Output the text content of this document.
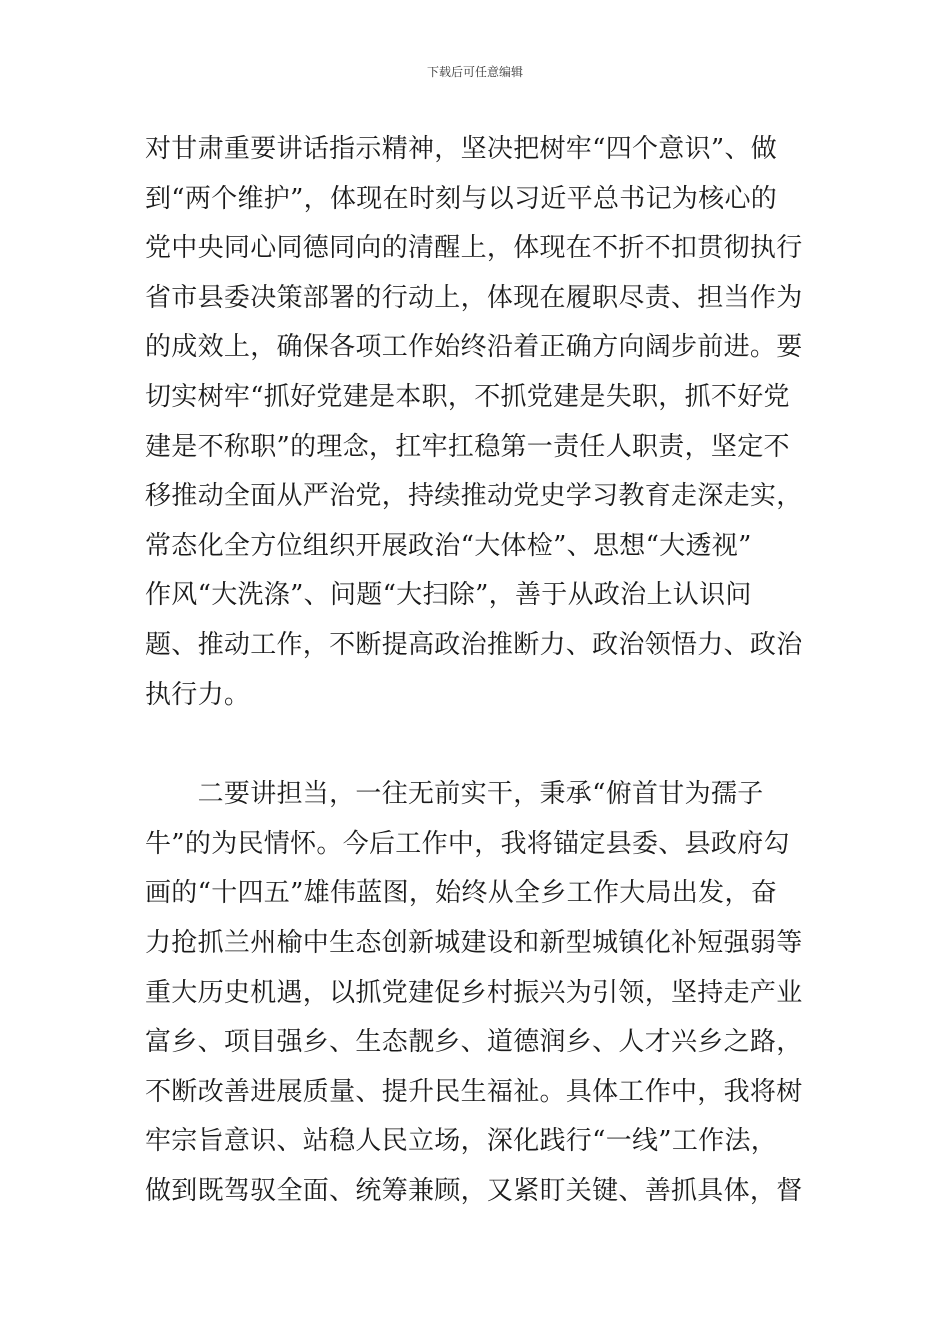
下载后可任意编辑
对甘肃重要讲话指示精神，坚决把树牢“四个意识”、做
到“两个维护”，体现在时刻与以习近平总书记为核心的
党中央同心同德同向的清醒上，体现在不折不扣贯彻执行
省市县委决策部署的行动上，体现在履职尽责、担当作为
的成效上，确保各项工作始终沿着正确方向阔步前进。要
切实树牢“抓好党建是本职，不抓党建是失职，抓不好党
建是不称职”的理念，扛牢扛稳第一责任人职责，坚定不
移推动全面从严治党，持续推动党史学习教育走深走实，
常态化全方位组织开展政治“大体检”、思想“大透视”
作风“大洗涤”、问题“大扫除”，善于从政治上认识问
题、推动工作，不断提高政治推断力、政治领悟力、政治
执行力。
　　二要讲担当，一往无前实干，秉承“俯首甘为孺子
牛”的为民情怀。今后工作中，我将锚定县委、县政府勾
画的“十四五”雄伟蓝图，始终从全乡工作大局出发，奋
力抢抓兰州榆中生态创新城建设和新型城镇化补短强弱等
重大历史机遇，以抓党建促乡村振兴为引领，坚持走产业
富乡、项目强乡、生态靓乡、道德润乡、人才兴乡之路，
不断改善进展质量、提升民生福祉。具体工作中，我将树
牢宗旨意识、站稳人民立场，深化践行“一线”工作法，
做到既驾驭全面、统筹兼顾，又紧盯关键、善抓具体，督
